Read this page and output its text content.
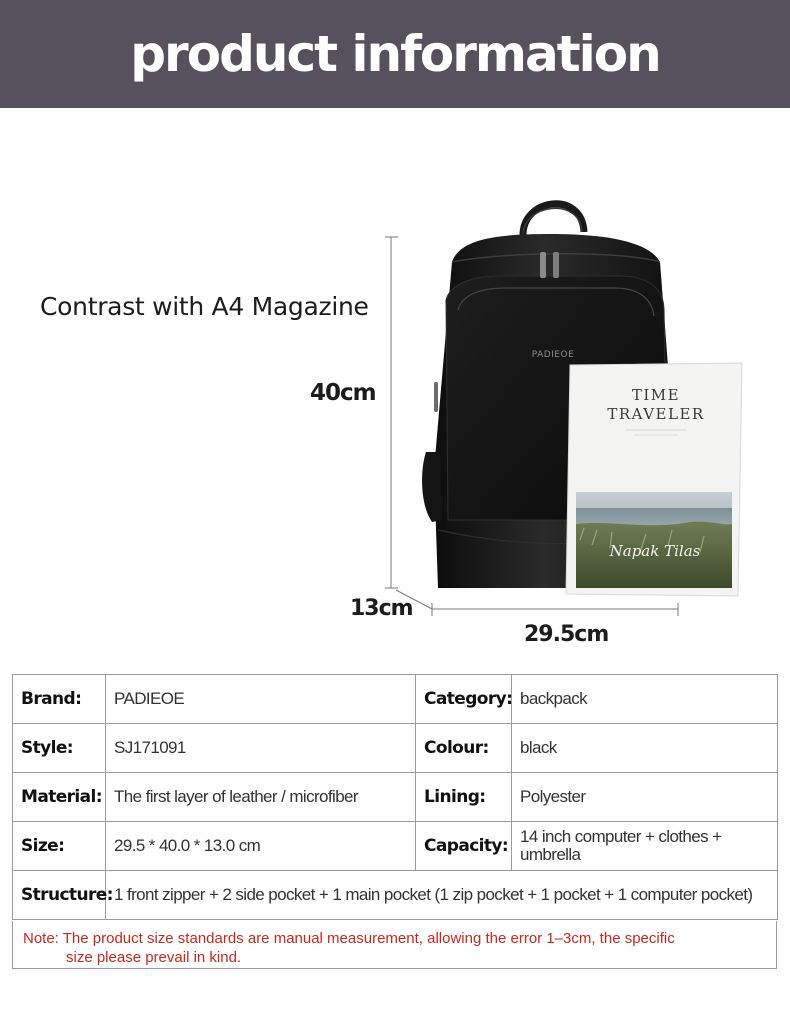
product information
PADIEOE
TIME
TRAVELER
Napak Tilas
Contrast with A4 Magazine
40cm
13cm
29.5cm
Brand:	PADIEOE	Category:	backpack
Style:	SJ171091	Colour:	black
Material:	The first layer of leather / microfiber	Lining:	Polyester
Size:	29.5 * 40.0 * 13.0 cm	Capacity:	14 inch computer + clothes + umbrella
Structure:	1 front zipper + 2 side pocket + 1 main pocket (1 zip pocket + 1 pocket + 1 computer pocket)		
Note: The product size standards are manual measurement, allowing the error 1–3cm, the specific
size please prevail in kind.
